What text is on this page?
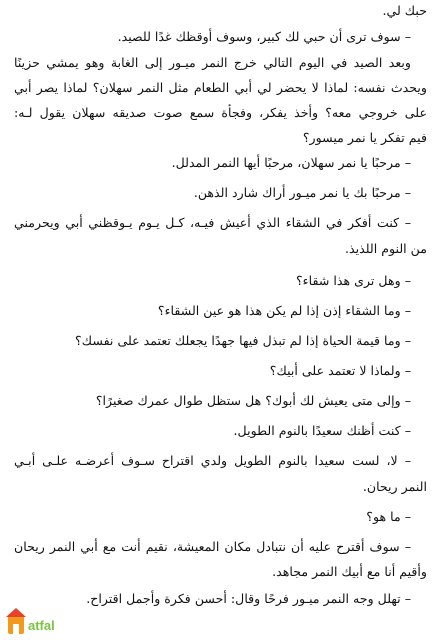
حبك لي.
– سوف ترى أن حبي لك كبير، وسوف أوقظك غدًا للصيد.
وبعد الصيد في اليوم التالي خرج النمر ميـور إلى الغابة وهو يمشي حزينًا
ويحدث نفسه: لماذا لا يحضر لي أبي الطعام مثل النمر سهلان؟ لماذا يصر أبي
على خروجي معه؟ وأخذ يفكر، وفجأة سمع صوت صديقه سهلان يقول لـه:
فيم تفكر يا نمر ميسور؟
– مرحبًا يا نمر سهلان، مرحبًا أيها النمر المدلل.
– مرحبًا بك يا نمر ميـور أراك شارد الذهن.
– كنت أفكر في الشقاء الذي أعيش فيـه، كـل يـوم يـوقظني أبي ويحرمني
من النوم اللذيذ.
– وهل ترى هذا شقاء؟
– وما الشقاء إذن إذا لم يكن هذا هو عين الشقاء؟
– وما قيمة الحياة إذا لم تبذل فيها جهدًا يجعلك تعتمد على نفسك؟
– ولماذا لا تعتمد على أبيك؟
– وإلى متى يعيش لك أبوك؟ هل ستظل طوال عمرك صغيرًا؟
– كنت أظنك سعيدًا بالنوم الطويل.
– لا، لست سعيدا بالنوم الطويل ولدي اقتراح سـوف أعرضـه علـى أبـي
النمر ريحان.
– ما هو؟
– سوف أقترح عليه أن نتبادل مكان المعيشة، نقيم أنت مع أبي النمر ريحان
وأقيم أنا مع أبيك النمر مجاهد.
– تهلل وجه النمر ميـور فرحًا وقال: أحسن فكرة وأجمل اقتراح.
atfal
